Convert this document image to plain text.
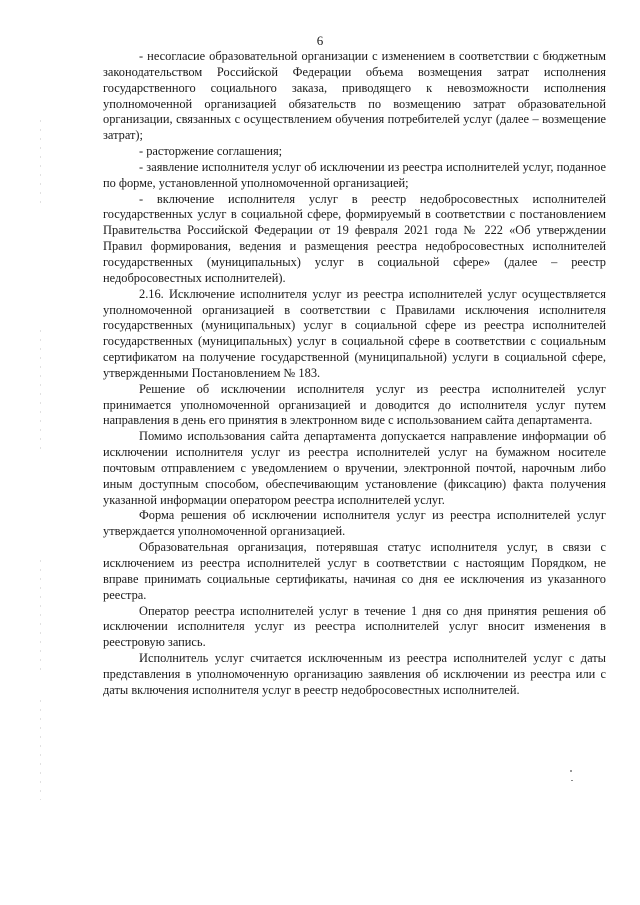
6

- несогласие образовательной организации с изменением в соответствии с бюджетным законодательством Российской Федерации объема возмещения затрат исполнения государственного социального заказа, приводящего к невозможности исполнения уполномоченной организацией обязательств по возмещению затрат образовательной организации, связанных с осуществлением обучения потребителей услуг (далее – возмещение затрат);

- расторжение соглашения;

- заявление исполнителя услуг об исключении из реестра исполнителей услуг, поданное по форме, установленной уполномоченной организацией;

- включение исполнителя услуг в реестр недобросовестных исполнителей государственных услуг в социальной сфере, формируемый в соответствии с постановлением Правительства Российской Федерации от 19 февраля 2021 года № 222 «Об утверждении Правил формирования, ведения и размещения реестра недобросовестных исполнителей государственных (муниципальных) услуг в социальной сфере» (далее – реестр недобросовестных исполнителей).

2.16. Исключение исполнителя услуг из реестра исполнителей услуг осуществляется уполномоченной организацией в соответствии с Правилами исключения исполнителя государственных (муниципальных) услуг в социальной сфере из реестра исполнителей государственных (муниципальных) услуг в социальной сфере в соответствии с социальным сертификатом на получение государственной (муниципальной) услуги в социальной сфере, утвержденными Постановлением № 183.

Решение об исключении исполнителя услуг из реестра исполнителей услуг принимается уполномоченной организацией и доводится до исполнителя услуг путем направления в день его принятия в электронном виде с использованием сайта департамента.

Помимо использования сайта департамента допускается направление информации об исключении исполнителя услуг из реестра исполнителей услуг на бумажном носителе почтовым отправлением с уведомлением о вручении, электронной почтой, нарочным либо иным доступным способом, обеспечивающим установление (фиксацию) факта получения указанной информации оператором реестра исполнителей услуг.

Форма решения об исключении исполнителя услуг из реестра исполнителей услуг утверждается уполномоченной организацией.

Образовательная организация, потерявшая статус исполнителя услуг, в связи с исключением из реестра исполнителей услуг в соответствии с настоящим Порядком, не вправе принимать социальные сертификаты, начиная со дня ее исключения из указанного реестра.

Оператор реестра исполнителей услуг в течение 1 дня со дня принятия решения об исключении исполнителя услуг из реестра исполнителей услуг вносит изменения в реестровую запись.

Исполнитель услуг считается исключенным из реестра исполнителей услуг с даты представления в уполномоченную организацию заявления об исключении из реестра или с даты включения исполнителя услуг в реестр недобросовестных исполнителей.
